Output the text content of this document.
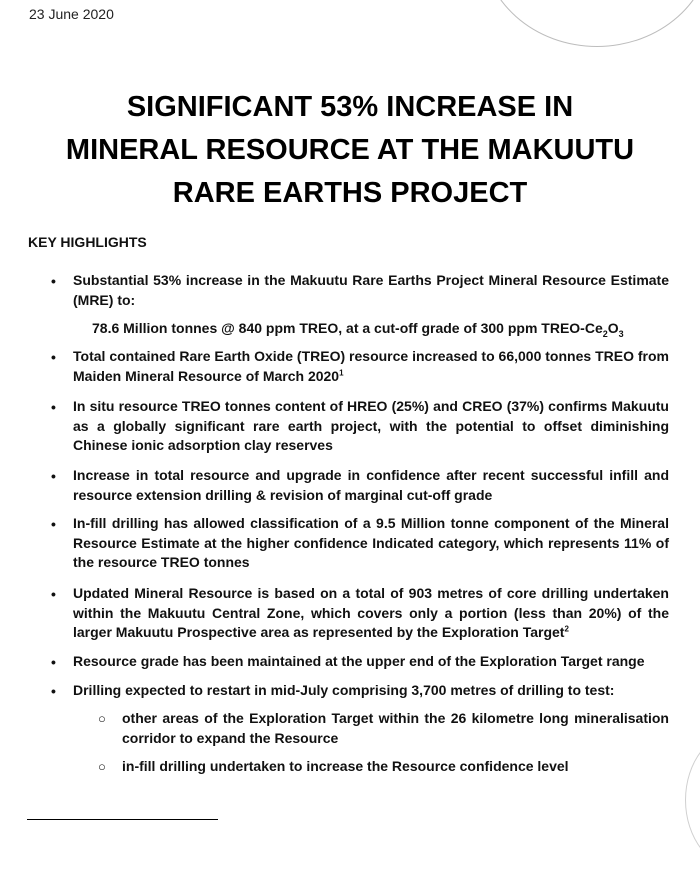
23 June 2020
SIGNIFICANT 53% INCREASE IN
MINERAL RESOURCE AT THE MAKUUTU
RARE EARTHS PROJECT
KEY HIGHLIGHTS
• Substantial 53% increase in the Makuutu Rare Earths Project Mineral Resource Estimate (MRE) to:
78.6 Million tonnes @ 840 ppm TREO, at a cut-off grade of 300 ppm TREO-$Ce_2O_3$
• Total contained Rare Earth Oxide (TREO) resource increased to 66,000 tonnes TREO from Maiden Mineral Resource of March 2020$^1$
• In situ resource TREO tonnes content of HREO (25%) and CREO (37%) confirms Makuutu as a globally significant rare earth project, with the potential to offset diminishing Chinese ionic adsorption clay reserves
• Increase in total resource and upgrade in confidence after recent successful infill and resource extension drilling & revision of marginal cut-off grade
• In-fill drilling has allowed classification of a 9.5 Million tonne component of the Mineral Resource Estimate at the higher confidence Indicated category, which represents 11% of the resource TREO tonnes
• Updated Mineral Resource is based on a total of 903 metres of core drilling undertaken within the Makuutu Central Zone, which covers only a portion (less than 20%) of the larger Makuutu Prospective area as represented by the Exploration Target$^2$
• Resource grade has been maintained at the upper end of the Exploration Target range
• Drilling expected to restart in mid-July comprising 3,700 metres of drilling to test:
○ other areas of the Exploration Target within the 26 kilometre long mineralisation corridor to expand the Resource
○ in-fill drilling undertaken to increase the Resource confidence level
